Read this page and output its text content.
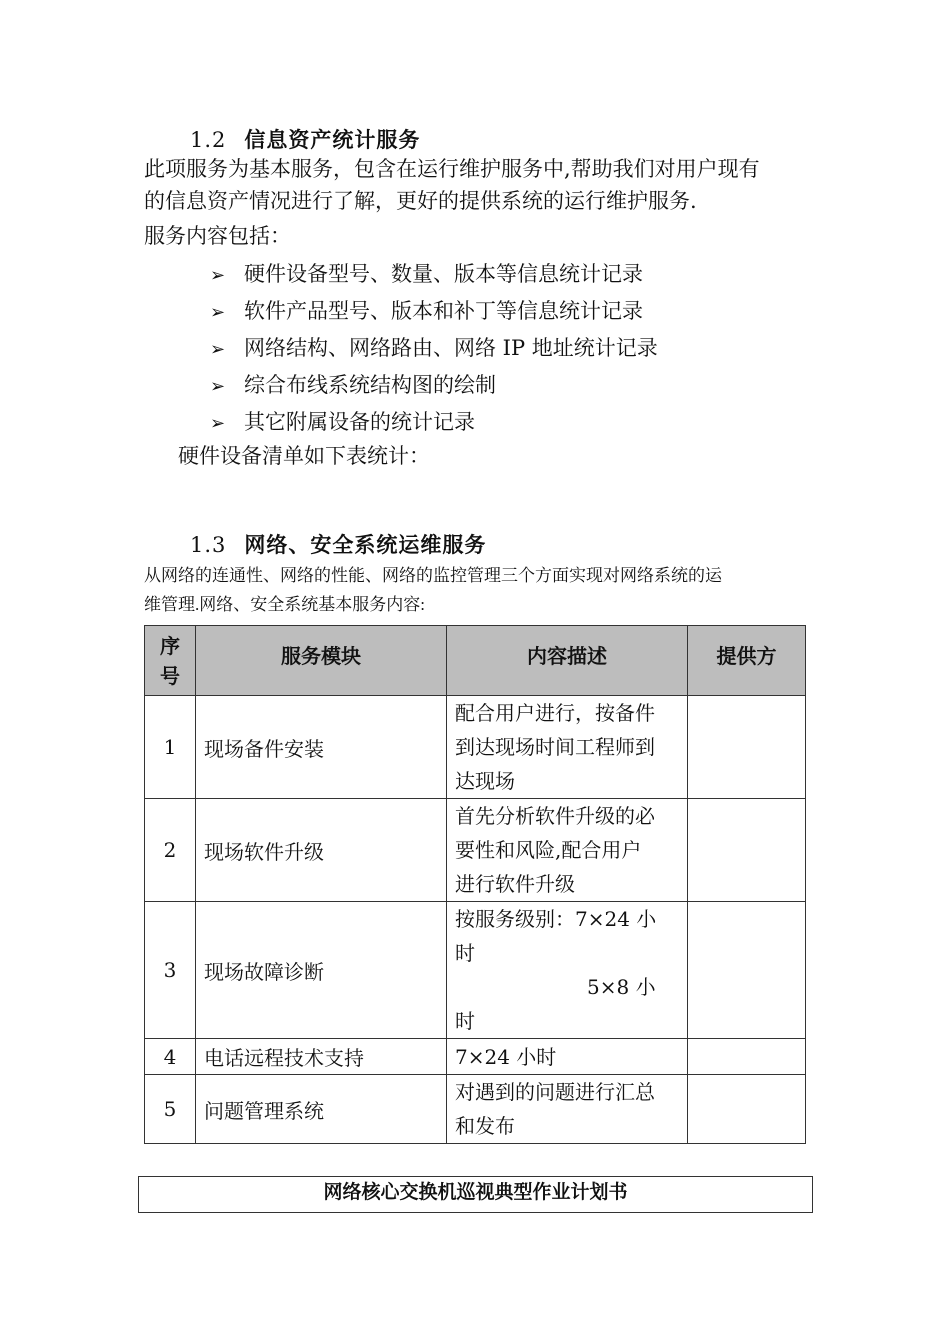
1.2 信息资产统计服务
此项服务为基本服务，包含在运行维护服务中,帮助我们对用户现有
的信息资产情况进行了解，更好的提供系统的运行维护服务.
服务内容包括：
➢ 硬件设备型号、数量、版本等信息统计记录
➢ 软件产品型号、版本和补丁等信息统计记录
➢ 网络结构、网络路由、网络 IP 地址统计记录
➢ 综合布线系统结构图的绘制
➢ 其它附属设备的统计记录
硬件设备清单如下表统计：
1.3 网络、安全系统运维服务
从网络的连通性、网络的性能、网络的监控管理三个方面实现对网络系统的运
维管理.网络、安全系统基本服务内容:
序
号	服务模块	内容描述	提供方
1	现场备件安装	配合用户进行，按备件
到达现场时间工程师到
达现场	

2	现场软件升级	首先分析软件升级的必
要性和风险,配合用户
进行软件升级	

3	现场故障诊断	按服务级别：7×24 小
时
5×8 小
时	

4	电话远程技术支持	7×24 小时	

5	问题管理系统	对遇到的问题进行汇总
和发布	

网络核心交换机巡视典型作业计划书
